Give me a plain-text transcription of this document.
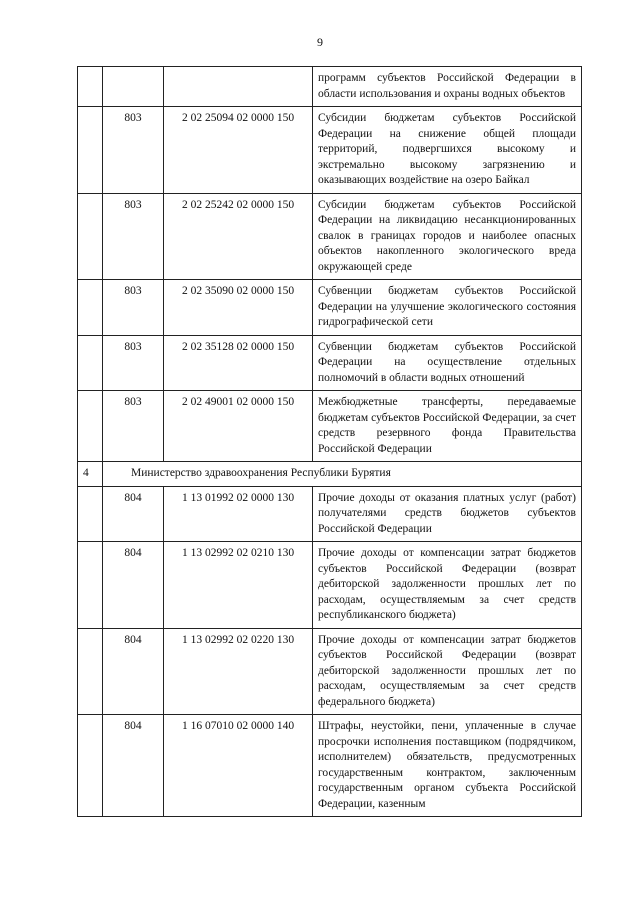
9
			программ субъектов Российской Федерации в области использования и охраны водных объектов
	803	2 02 25094 02 0000 150	Субсидии бюджетам субъектов Российской Федерации на снижение общей площади территорий, подвергшихся высокому и экстремально высокому загрязнению и оказывающих воздействие на озеро Байкал
	803	2 02 25242 02 0000 150	Субсидии бюджетам субъектов Российской Федерации на ликвидацию несанкционированных свалок в границах городов и наиболее опасных объектов накопленного экологического вреда окружающей среде
	803	2 02 35090 02 0000 150	Субвенции бюджетам субъектов Российской Федерации на улучшение экологического состояния гидрографической сети
	803	2 02 35128 02 0000 150	Субвенции бюджетам субъектов Российской Федерации на осуществление отдельных полномочий в области водных отношений
	803	2 02 49001 02 0000 150	Межбюджетные трансферты, передаваемые бюджетам субъектов Российской Федерации, за счет средств резервного фонда Правительства Российской Федерации
4	Министерство здравоохранения Республики Бурятия		
	804	1 13 01992 02 0000 130	Прочие доходы от оказания платных услуг (работ) получателями средств бюджетов субъектов Российской Федерации
	804	1 13 02992 02 0210 130	Прочие доходы от компенсации затрат бюджетов субъектов Российской Федерации (возврат дебиторской задолженности прошлых лет по расходам, осуществляемым за счет средств республиканского бюджета)
	804	1 13 02992 02 0220 130	Прочие доходы от компенсации затрат бюджетов субъектов Российской Федерации (возврат дебиторской задолженности прошлых лет по расходам, осуществляемым за счет средств федерального бюджета)
	804	1 16 07010 02 0000 140	Штрафы, неустойки, пени, уплаченные в случае просрочки исполнения поставщиком (подрядчиком, исполнителем) обязательств, предусмотренных государственным контрактом, заключенным государственным органом субъекта Российской Федерации, казенным
